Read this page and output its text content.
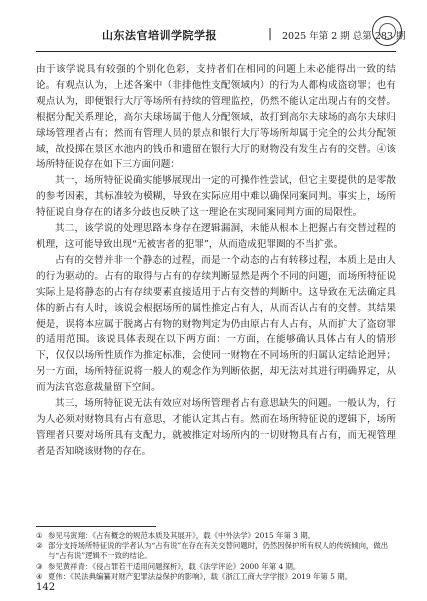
山东法官培训学院学报	| 2025 年第 2 期 总第 283 期

由于该学说具有较强的个别化色彩，支持者们在相同的问题上未必能得出一致的结论。有观点认为，上述各案中（非排他性支配领域内）的行为人都构成盗窃罪；也有观点认为，即便银行大厅等场所有持续的管理监控，仍然不能认定出现占有的交替。根据分配关系理论，高尔夫球场属于他人分配领域，故打到高尔夫球场的高尔夫球归球场管理者占有；然而有管理人员的景点和银行大厅等场所却属于完全的公共分配领域，故投掷在景区水池内的钱币和遗留在银行大厅的财物没有发生占有的交替。④该场所特征说存在如下三方面问题：

其一，场所特征说确实能够展现出一定的可操作性尝试，但它主要提供的是零散的参考因素，其标准较为模糊，导致在实际应用中难以确保同案同判。事实上，场所特征说自身存在的诸多分歧也反映了这一理论在实现同案同判方面的局限性。

其二，该学说的处理思路本身存在逻辑漏洞，未能从根本上把握占有交替过程的机理，这可能导致出现“无被害者的犯罪”，从而造成犯罪圈的不当扩张。

占有的交替并非一个静态的过程，而是一个动态的占有转移过程，本质上是由人的行为驱动的。占有的取得与占有的存续判断显然是两个不同的问题，而场所特征说实际上是将静态的占有存续要素直接适用于占有交替的判断中。这导致在无法确定具体的新占有人时，该说会根据场所的属性推定占有人，从而否认占有的交替。其结果便是，误将本应属于脱离占有物的财物判定为仍由原占有人占有，从而扩大了盗窃罪的适用范围。该说具体表现在以下两方面：一方面，在能够确认具体占有人的情形下，仅仅以场所性质作为推定标准，会使同一财物在不同场所的归属认定结论迥异；另一方面，场所特征说将一般人的观念作为判断依据，却无法对其进行明确界定，从而为法官恣意裁量留下空间。

其三，场所特征说无法有效应对场所管理者占有意思缺失的问题。一般认为，行为人必须对财物具有占有意思，才能认定其占有。然而在场所特征说的逻辑下，场所管理者只要对场所具有支配力，就被推定对场所内的一切财物具有占有，而无视管理者是否知晓该财物的存在。

① 参见马寅翔：《占有概念的规范本质及其展开》，载《中外法学》2015 年第 3 期。
② 部分支持场所特征说的学者认为“占有说”在存在有关交替问题时，仍然因保护所有权人的传统倾向，做出与“占有说”逻辑不一致的结论。
③ 参见黄祥青：《侵占罪若干适用问题探析》，载《法学评论》2000 年第 4 期。
④ 夏伟：《民法典编纂对财产犯罪法益保护的影响》，载《浙江工商大学学报》2019 年第 5 期。
142
